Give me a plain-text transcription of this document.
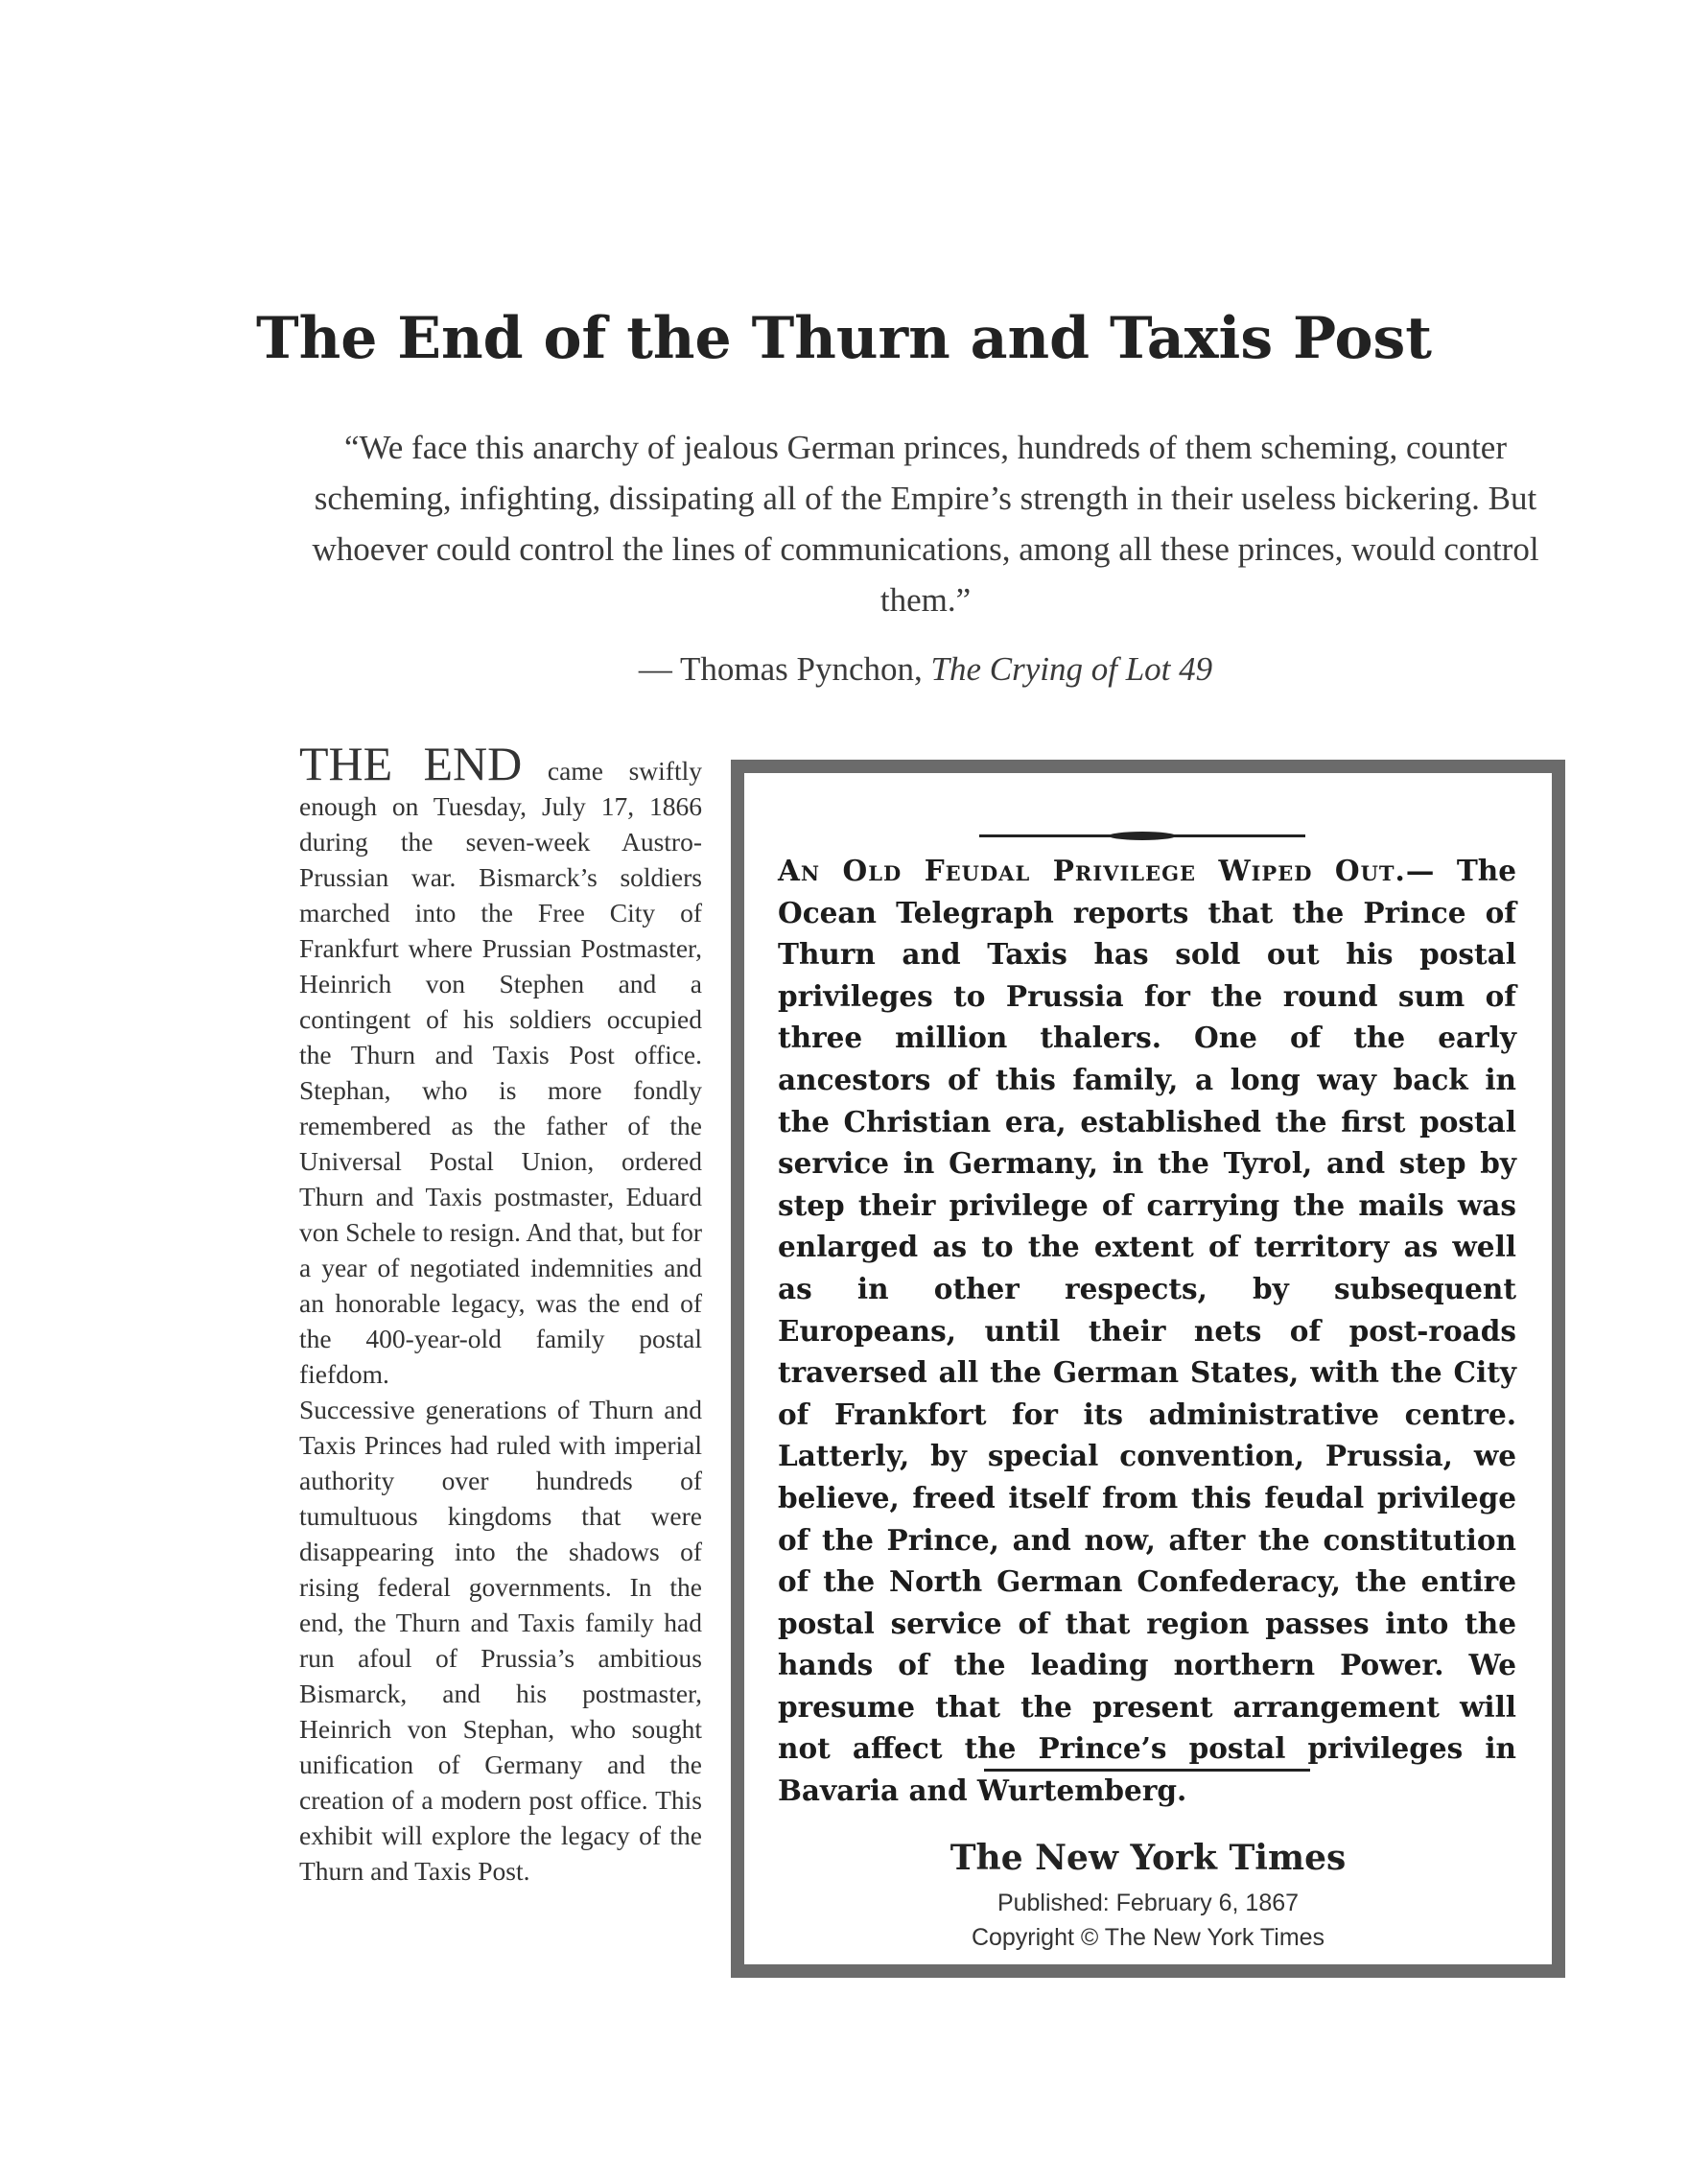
The End of the Thurn and Taxis Post

“We face this anarchy of jealous German princes, hundreds of them scheming, counter scheming, infighting, dissipating all of the Empire’s strength in their useless bickering. But whoever could control the lines of communications, among all these princes, would control them.”

— Thomas Pynchon, The Crying of Lot 49

THE END came swiftly enough on Tuesday, July 17, 1866 during the seven-week Austro-Prussian war. Bismarck’s soldiers marched into the Free City of Frankfurt where Prussian Postmaster, Heinrich von Stephen and a contingent of his soldiers occupied the Thurn and Taxis Post office. Stephan, who is more fondly remembered as the father of the Universal Postal Union, ordered Thurn and Taxis postmaster, Eduard von Schele to resign. And that, but for a year of negotiated indemnities and an honorable legacy, was the end of the 400-year-old family postal fiefdom.

Successive generations of Thurn and Taxis Princes had ruled with imperial authority over hundreds of tumultuous kingdoms that were disappearing into the shadows of rising federal governments. In the end, the Thurn and Taxis family had run afoul of Prussia’s ambitious Bismarck, and his postmaster, Heinrich von Stephan, who sought unification of Germany and the creation of a modern post office. This exhibit will explore the legacy of the Thurn and Taxis Post.

An Old Feudal Privilege Wiped Out.— The Ocean Telegraph reports that the Prince of Thurn and Taxis has sold out his postal privileges to Prussia for the round sum of three million thalers. One of the early ancestors of this family, a long way back in the Christian era, established the first postal service in Germany, in the Tyrol, and step by step their privilege of carrying the mails was enlarged as to the extent of territory as well as in other respects, by subsequent Europeans, until their nets of post-roads traversed all the German States, with the City of Frankfort for its administrative centre. Latterly, by special convention, Prussia, we believe, freed itself from this feudal privilege of the Prince, and now, after the constitution of the North German Confederacy, the entire postal service of that region passes into the hands of the leading northern Power. We presume that the present arrangement will not affect the Prince’s postal privileges in Bavaria and Wurtemberg.

The New York Times

Published: February 6, 1867

Copyright © The New York Times
